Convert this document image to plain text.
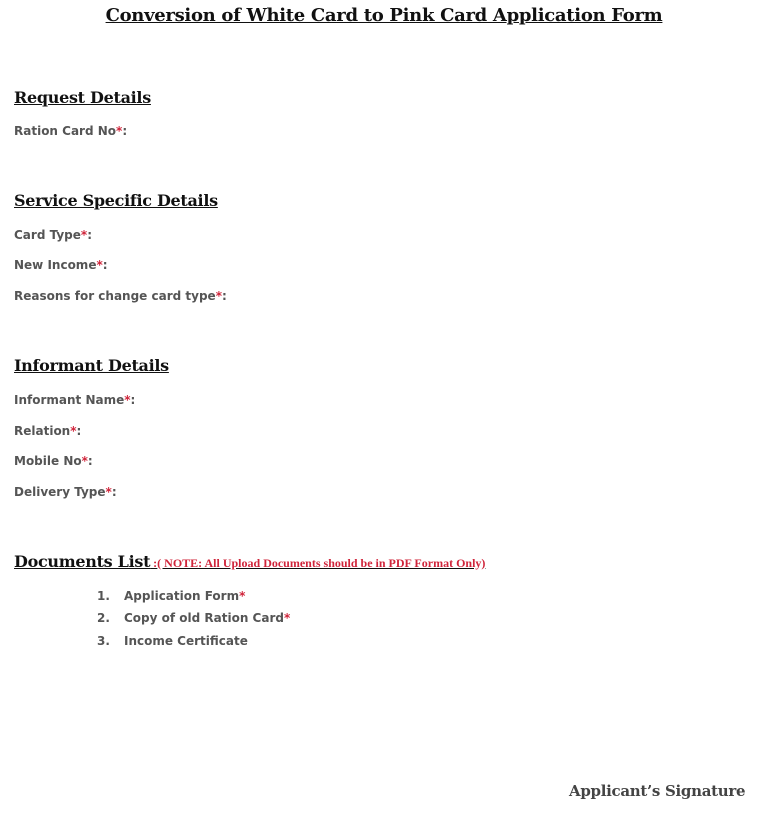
Conversion of White Card to Pink Card Application Form
Request Details
Ration Card No*:
Service Specific Details
Card Type*:
New Income*:
Reasons for change card type*:
Informant Details
Informant Name*:
Relation*:
Mobile No*:
Delivery Type*:
Documents List :( NOTE: All Upload Documents should be in PDF Format Only)
1. Application Form*
2. Copy of old Ration Card*
3. Income Certificate
Applicant’s Signature
